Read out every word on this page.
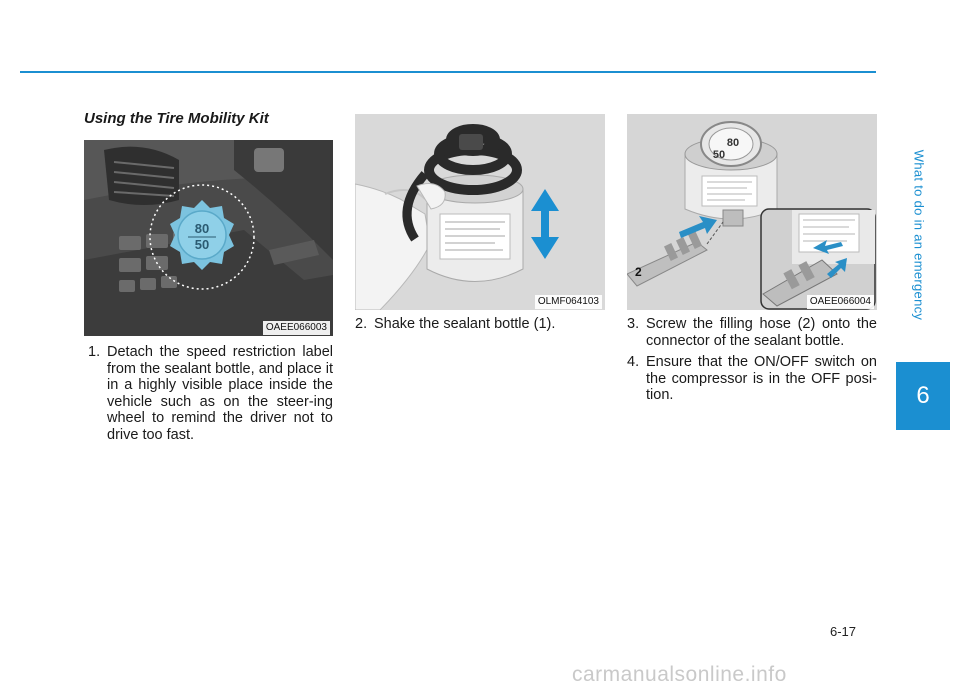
Using the Tire Mobility Kit
80
50
OAEE066003
OLMF064103
80
50
2
OAEE066004
1. Detach the speed restriction label from the sealant bottle, and place it in a highly visible place inside the vehicle such as on the steer-ing wheel to remind the driver not to drive too fast.
2. Shake the sealant bottle (1).	3. Screw the filling hose (2) onto the connector of the sealant bottle.
4. Ensure that the ON/OFF switch on the compressor is in the OFF posi-tion.
What to do in an emergency
6
6-17
carmanualsonline.info
